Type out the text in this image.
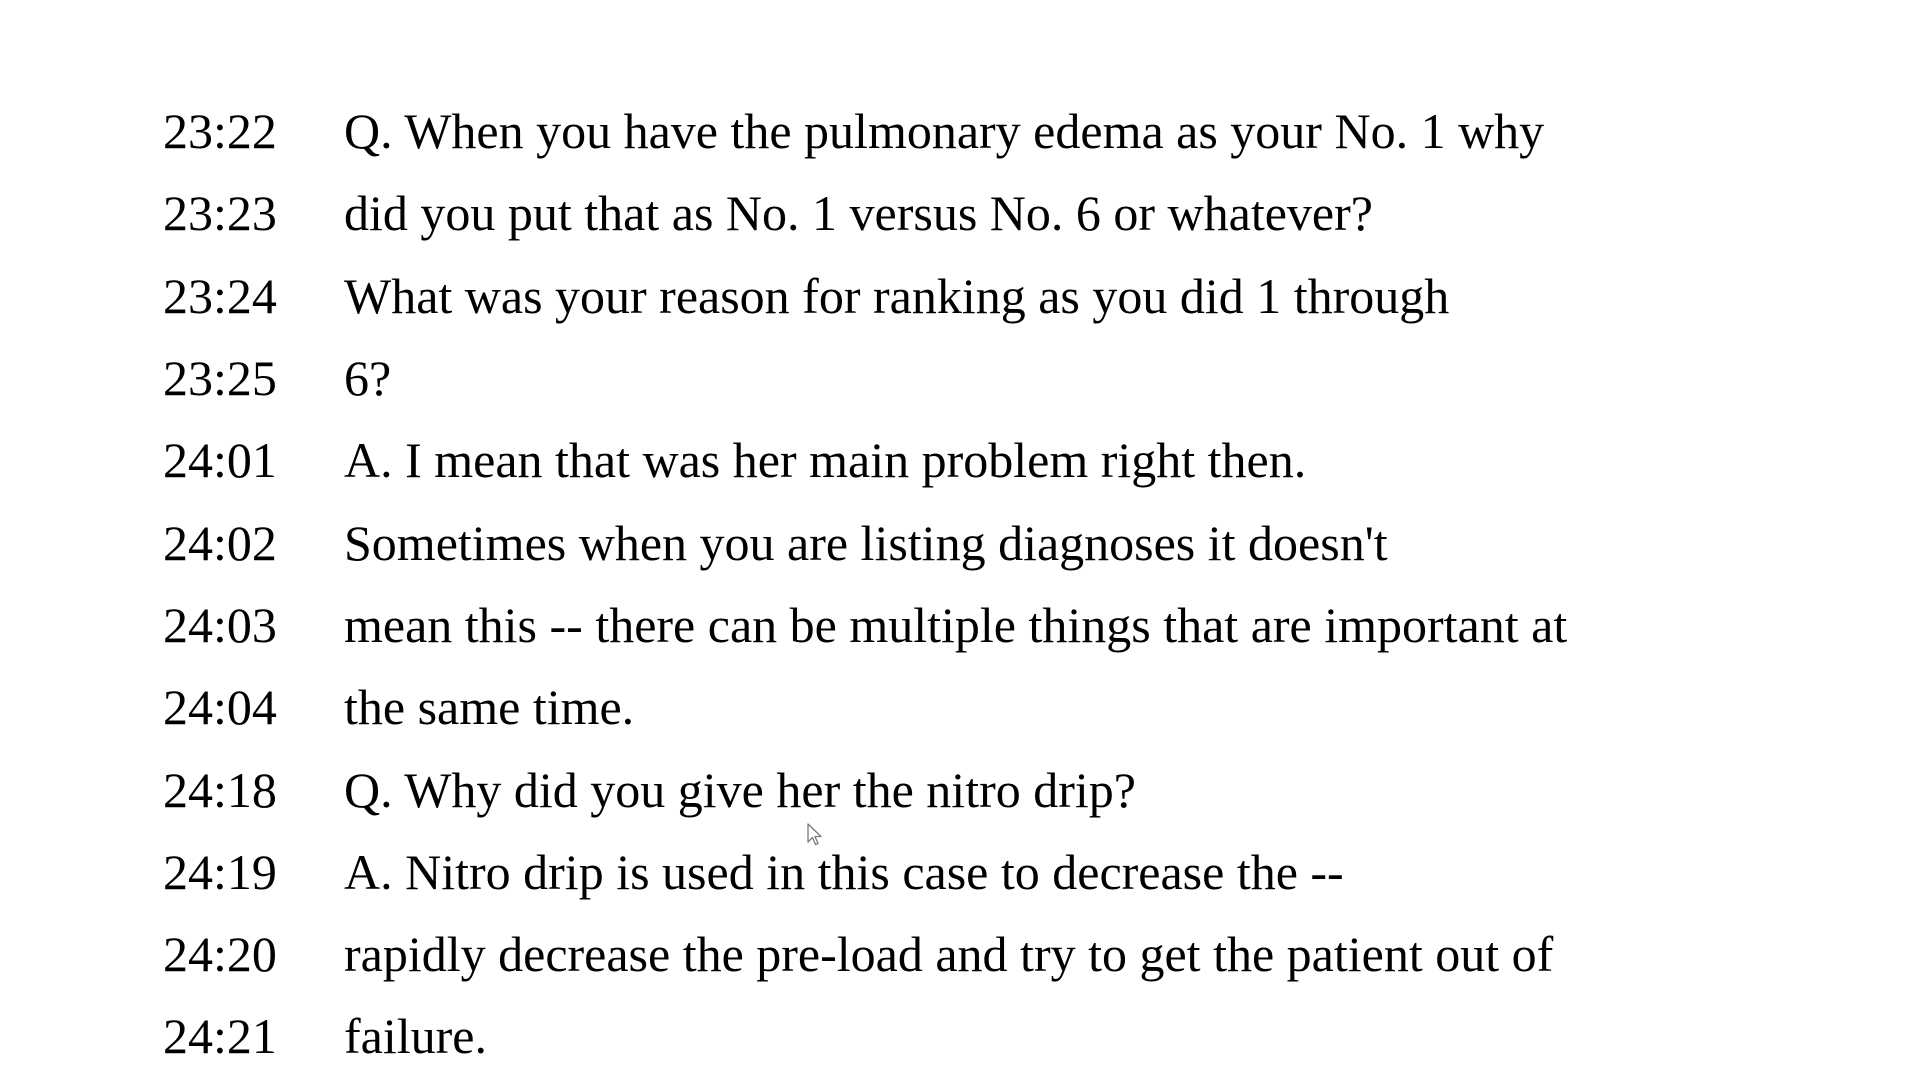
23:22	Q. When you have the pulmonary edema as your No. 1 why
23:23	did you put that as No. 1 versus No. 6 or whatever?
23:24	What was your reason for ranking as you did 1 through
23:25	6?
24:01	A. I mean that was her main problem right then.
24:02	Sometimes when you are listing diagnoses it doesn't
24:03	mean this -- there can be multiple things that are important at
24:04	the same time.
24:18	Q. Why did you give her the nitro drip?
24:19	A. Nitro drip is used in this case to decrease the --
24:20	rapidly decrease the pre-load and try to get the patient out of
24:21	failure.
